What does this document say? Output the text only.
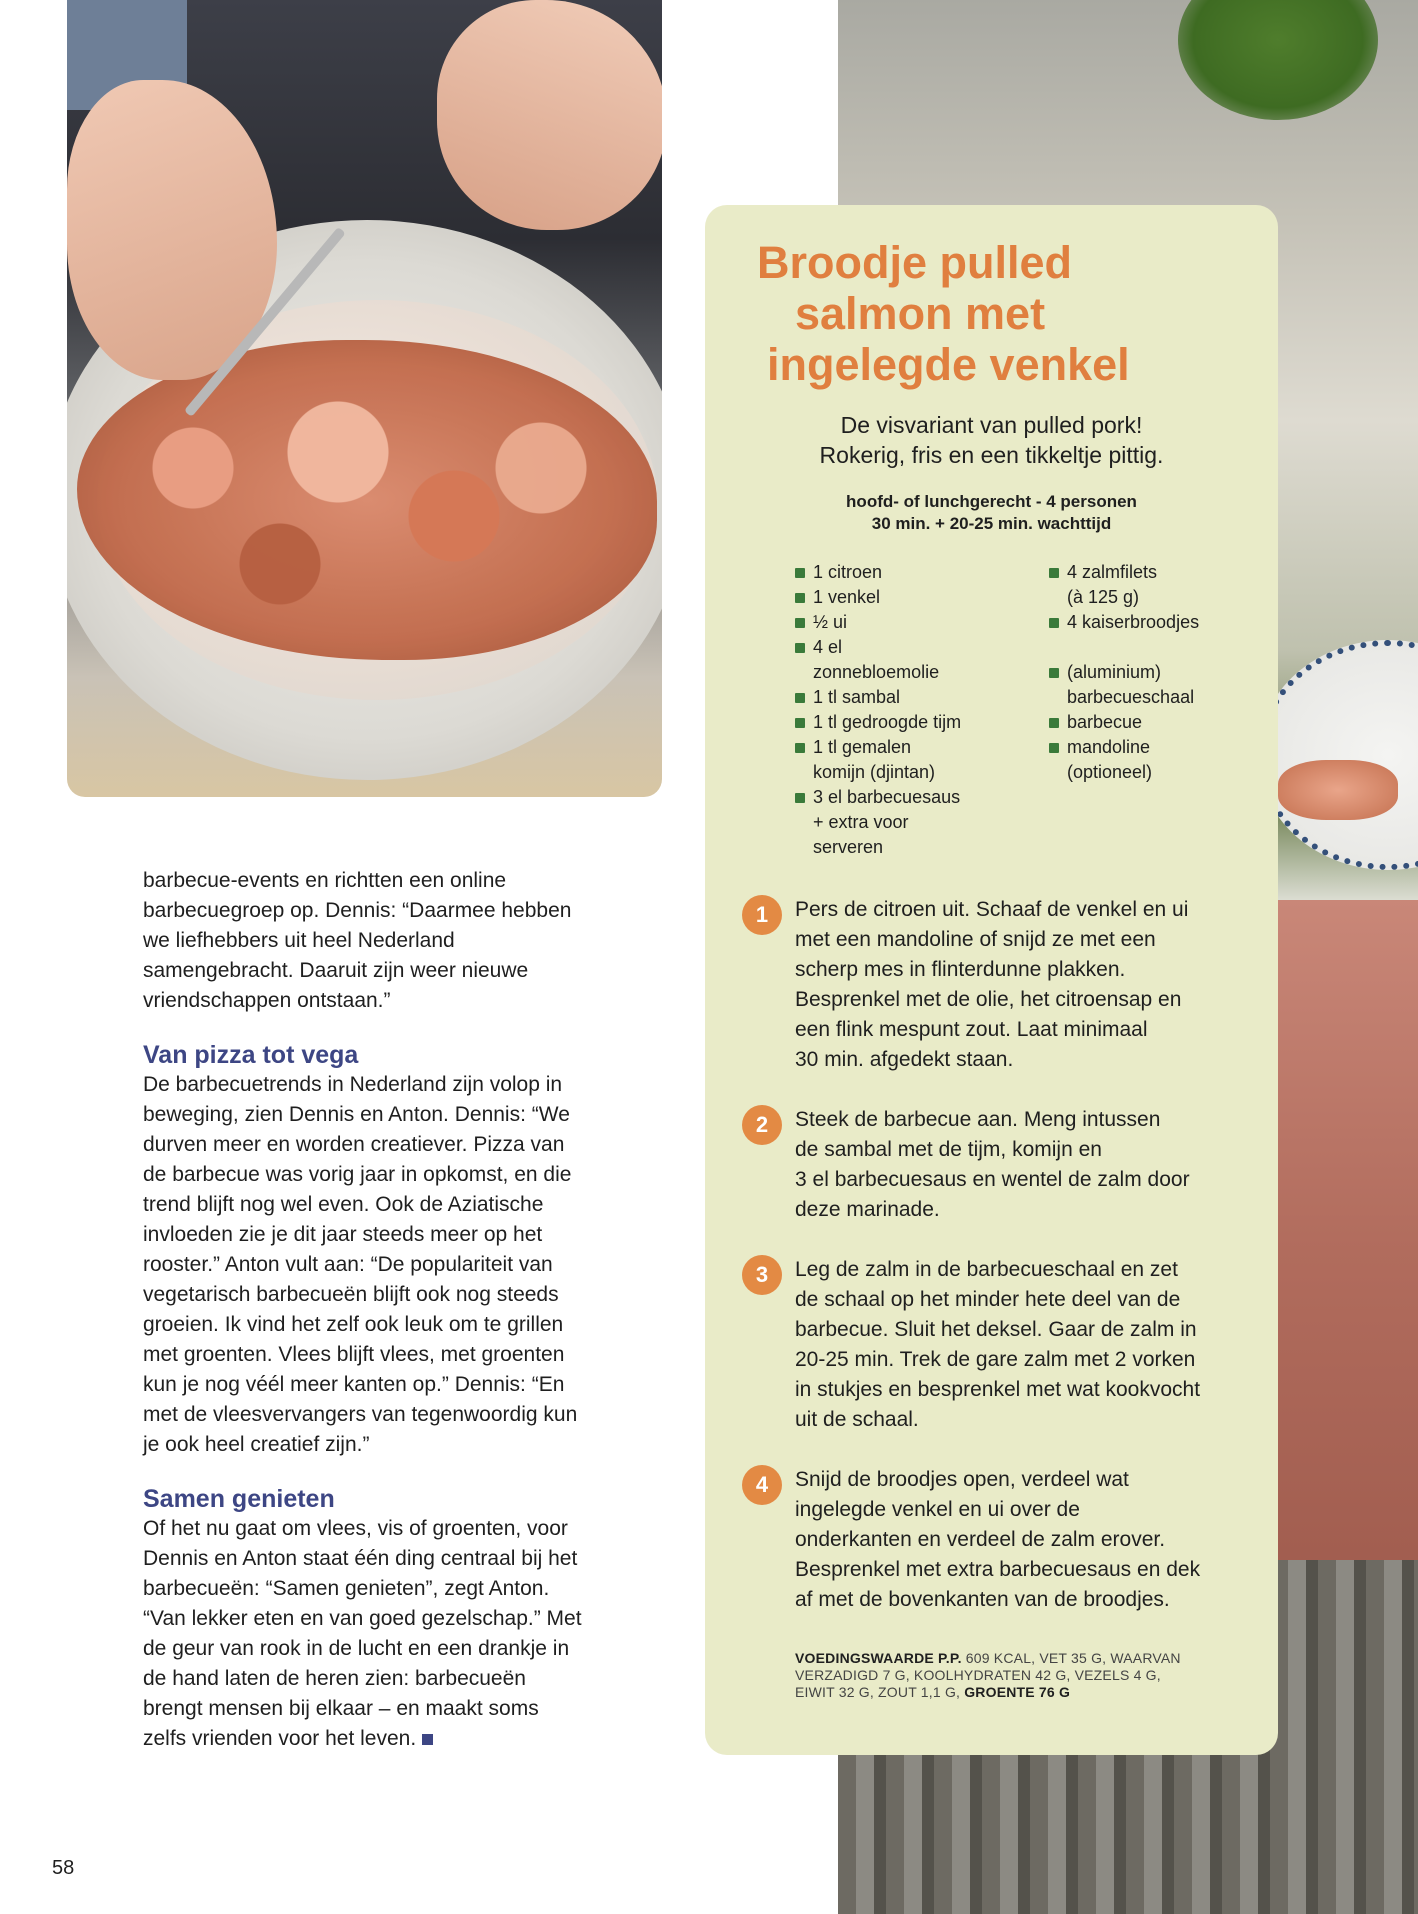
barbecue-events en richtten een online
barbecuegroep op. Dennis: “Daarmee hebben
we liefhebbers uit heel Nederland
samengebracht. Daaruit zijn weer nieuwe
vriendschappen ontstaan.”

Van pizza tot vega

De barbecuetrends in Nederland zijn volop in
beweging, zien Dennis en Anton. Dennis: “We
durven meer en worden creatiever. Pizza van
de barbecue was vorig jaar in opkomst, en die
trend blijft nog wel even. Ook de Aziatische
invloeden zie je dit jaar steeds meer op het
rooster.” Anton vult aan: “De populariteit van
vegetarisch barbecueën blijft ook nog steeds
groeien. Ik vind het zelf ook leuk om te grillen
met groenten. Vlees blijft vlees, met groenten
kun je nog véél meer kanten op.” Dennis: “En
met de vleesvervangers van tegenwoordig kun
je ook heel creatief zijn.”

Samen genieten

Of het nu gaat om vlees, vis of groenten, voor
Dennis en Anton staat één ding centraal bij het
barbecueën: “Samen genieten”, zegt Anton.
“Van lekker eten en van goed gezelschap.” Met
de geur van rook in de lucht en een drankje in
de hand laten de heren zien: barbecueën
brengt mensen bij elkaar – en maakt soms
zelfs vrienden voor het leven.

58
Broodje pulled
salmon met
ingelegde venkel
De visvariant van pulled pork!
Rokerig, fris en een tikkeltje pittig.
hoofd- of lunchgerecht - 4 personen
30 min. + 20-25 min. wachttijd
1 citroen
1 venkel
½ ui
4 el
zonnebloemolie
1 tl sambal
1 tl gedroogde tijm
1 tl gemalen
komijn (djintan)
3 el barbecuesaus
+ extra voor
serveren
4 zalmfilets
(à 125 g)
4 kaiserbroodjes
(aluminium)
barbecueschaal
barbecue
mandoline
(optioneel)
1	Pers de citroen uit. Schaaf de venkel en ui
met een mandoline of snijd ze met een
scherp mes in flinterdunne plakken.
Besprenkel met de olie, het citroensap en
een flink mespunt zout. Laat minimaal
30 min. afgedekt staan.
2	Steek de barbecue aan. Meng intussen
de sambal met de tijm, komijn en
3 el barbecuesaus en wentel de zalm door
deze marinade.
3	Leg de zalm in de barbecueschaal en zet
de schaal op het minder hete deel van de
barbecue. Sluit het deksel. Gaar de zalm in
20-25 min. Trek de gare zalm met 2 vorken
in stukjes en besprenkel met wat kookvocht
uit de schaal.
4	Snijd de broodjes open, verdeel wat
ingelegde venkel en ui over de
onderkanten en verdeel de zalm erover.
Besprenkel met extra barbecuesaus en dek
af met de bovenkanten van de broodjes.
VOEDINGSWAARDE P.P. 609 KCAL, VET 35 G, WAARVAN
VERZADIGD 7 G, KOOLHYDRATEN 42 G, VEZELS 4 G,
EIWIT 32 G, ZOUT 1,1 G, GROENTE 76 G
